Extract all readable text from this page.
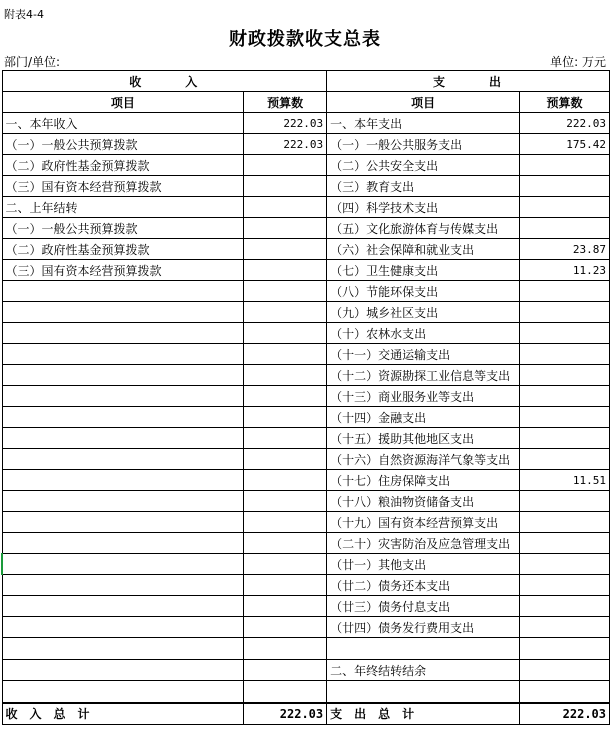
附表4-4
财政拨款收支总表
部门/单位:	单位: 万元
收　　　入		支　　　出	
项目	预算数	项目	预算数
一、本年收入	222.03	一、本年支出	222.03
（一）一般公共预算拨款	222.03	（一）一般公共服务支出	175.42
（二）政府性基金预算拨款		（二）公共安全支出	
（三）国有资本经营预算拨款		（三）教育支出	
二、上年结转		（四）科学技术支出	
（一）一般公共预算拨款		（五）文化旅游体育与传媒支出	
（二）政府性基金预算拨款		（六）社会保障和就业支出	23.87
（三）国有资本经营预算拨款		（七）卫生健康支出	11.23
		（八）节能环保支出	
		（九）城乡社区支出	
		（十）农林水支出	
		（十一）交通运输支出	
		（十二）资源勘探工业信息等支出	
		（十三）商业服务业等支出	
		（十四）金融支出	
		（十五）援助其他地区支出	
		（十六）自然资源海洋气象等支出	
		（十七）住房保障支出	11.51
		（十八）粮油物资储备支出	
		（十九）国有资本经营预算支出	
		（二十）灾害防治及应急管理支出	
		（廿一）其他支出	
		（廿二）债务还本支出	
		（廿三）债务付息支出	
		（廿四）债务发行费用支出	

		二、年终结转结余	

收　入　总　计	222.03	支　出　总　计	222.03
